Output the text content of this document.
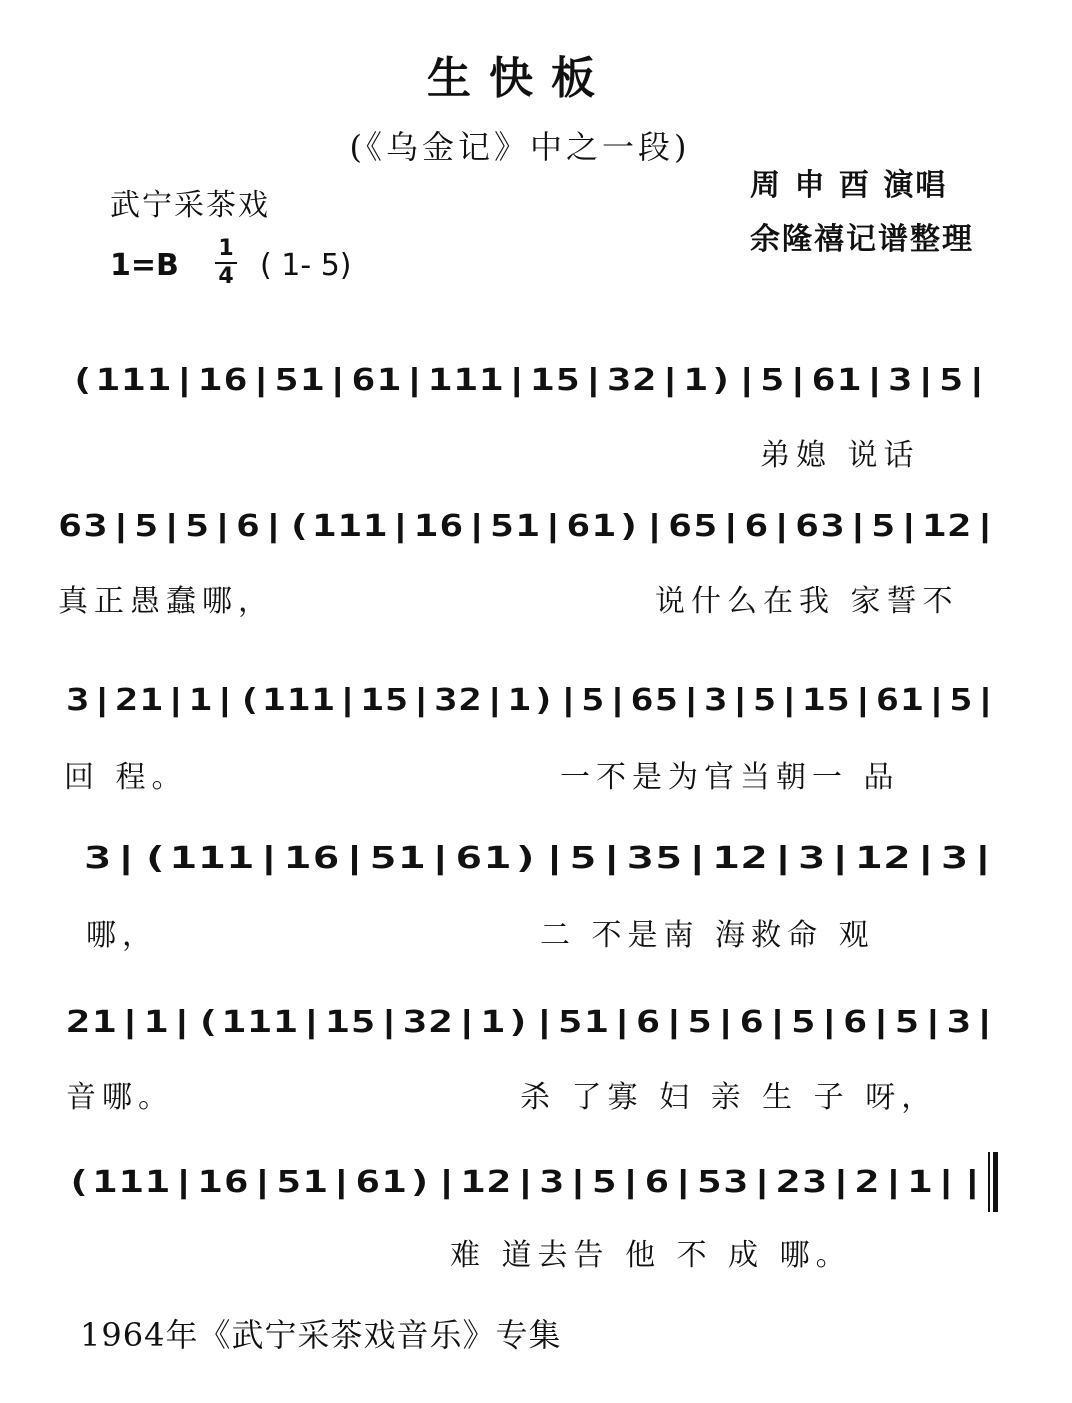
生快板
(《乌金记》中之一段)
武宁采茶戏
周 申 酉 演唱
余隆禧记谱整理
1=B 1
4 ( 1- 5)
(111|16|51|61|111|15|32|1)|5|61|3|5|
弟媳 说话
63|5|5|6|(111|16|51|61)|65|6|63|5|12|
真正愚蠢哪，	说什么在我 家誓不
3|21|1|(111|15|32|1)|5|65|3|5|15|61|5|
回 程。	一不是为官当朝一 品
3|(111|16|51|61)|5|35|12|3|12|3|
哪，	二 不是南 海救命 观
21|1|(111|15|32|1)|51|6|5|6|5|6|5|3|
音哪。	杀 了寡 妇 亲 生 子 呀，
(111|16|51|61)|12|3|5|6|53|23|2|1||
难 道去告 他 不 成 哪。
1964年《武宁采茶戏音乐》专集
